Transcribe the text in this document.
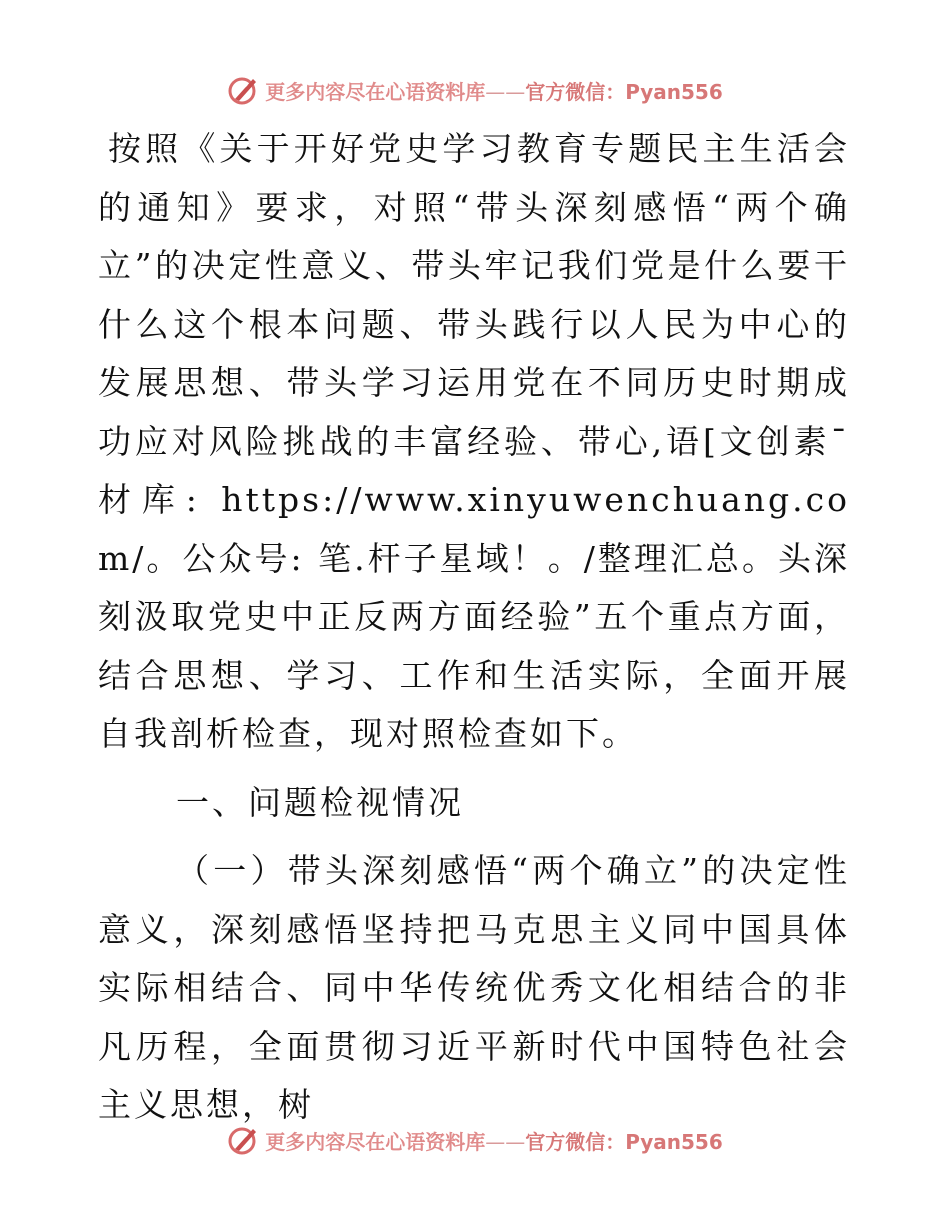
更多内容尽在心语资料库——官方微信：Pyan556

按照《关于开好党史学习教育专题民主生活会的通知》要求，对照“带头深刻感悟“两个确立”的决定性意义、带头牢记我们党是什么要干什么这个根本问题、带头践行以人民为中心的发展思想、带头学习运用党在不同历史时期成功应对风险挑战的丰富经验、带心,语[文创素¯材库: https://www.xinyuwenchuang.com/。公众号: 笔.杆子星域！。/整理汇总。头深刻汲取党史中正反两方面经验”五个重点方面，结合思想、学习、工作和生活实际，全面开展自我剖析检查，现对照检查如下。

一、问题检视情况

（一）带头深刻感悟“两个确立”的决定性意义，深刻感悟坚持把马克思主义同中国具体实际相结合、同中华传统优秀文化相结合的非凡历程，全面贯彻习近平新时代中国特色社会主义思想，树

更多内容尽在心语资料库——官方微信：Pyan556
